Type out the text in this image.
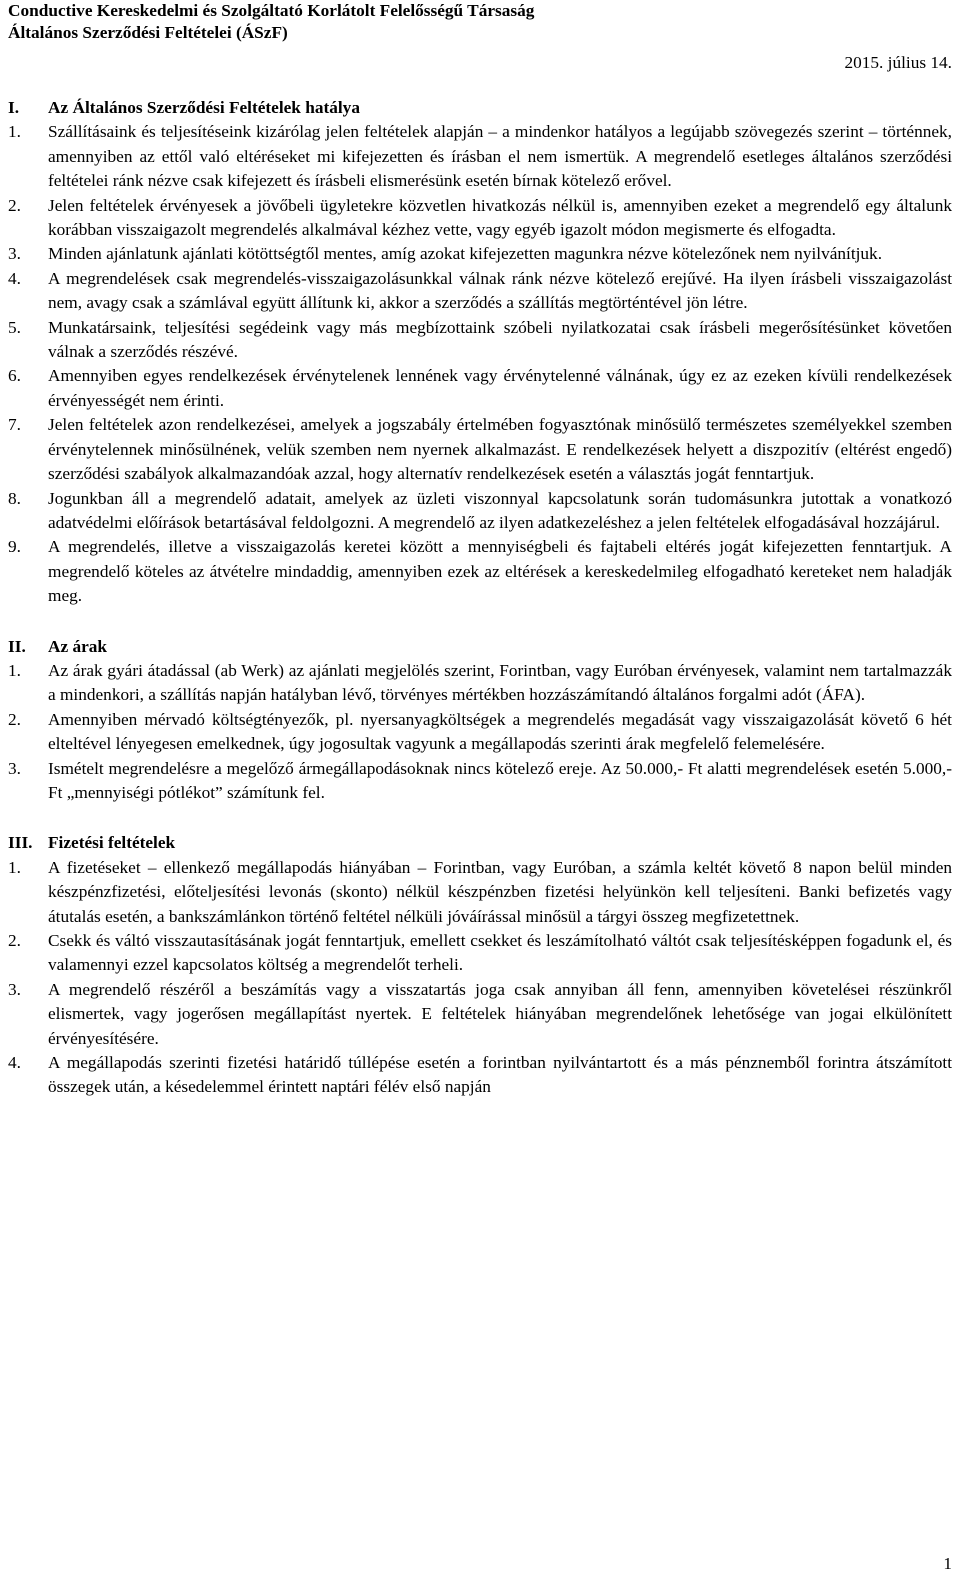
Conductive Kereskedelmi és Szolgáltató Korlátolt Felelősségű Társaság
Általános Szerződési Feltételei (ÁSzF)
2015. július 14.
I.	Az Általános Szerződési Feltételek hatálya
1.	Szállításaink és teljesítéseink kizárólag jelen feltételek alapján – a mindenkor hatályos a legújabb szövegezés szerint – történnek, amennyiben az ettől való eltéréseket mi kifejezetten és írásban el nem ismertük. A megrendelő esetleges általános szerződési feltételei ránk nézve csak kifejezett és írásbeli elismerésünk esetén bírnak kötelező erővel.
2.	Jelen feltételek érvényesek a jövőbeli ügyletekre közvetlen hivatkozás nélkül is, amennyiben ezeket a megrendelő egy általunk korábban visszaigazolt megrendelés alkalmával kézhez vette, vagy egyéb igazolt módon megismerte és elfogadta.
3.	Minden ajánlatunk ajánlati kötöttségtől mentes, amíg azokat kifejezetten magunkra nézve kötelezőnek nem nyilvánítjuk.
4.	A megrendelések csak megrendelés-visszaigazolásunkkal válnak ránk nézve kötelező erejűvé. Ha ilyen írásbeli visszaigazolást nem, avagy csak a számlával együtt állítunk ki, akkor a szerződés a szállítás megtörténtével jön létre.
5.	Munkatársaink, teljesítési segédeink vagy más megbízottaink szóbeli nyilatkozatai csak írásbeli megerősítésünket követően válnak a szerződés részévé.
6.	Amennyiben egyes rendelkezések érvénytelenek lennének vagy érvénytelenné válnának, úgy ez az ezeken kívüli rendelkezések érvényességét nem érinti.
7.	Jelen feltételek azon rendelkezései, amelyek a jogszabály értelmében fogyasztónak minősülő természetes személyekkel szemben érvénytelennek minősülnének, velük szemben nem nyernek alkalmazást. E rendelkezések helyett a diszpozitív (eltérést engedő) szerződési szabályok alkalmazandóak azzal, hogy alternatív rendelkezések esetén a választás jogát fenntartjuk.
8.	Jogunkban áll a megrendelő adatait, amelyek az üzleti viszonnyal kapcsolatunk során tudomásunkra jutottak a vonatkozó adatvédelmi előírások betartásával feldolgozni. A megrendelő az ilyen adatkezeléshez a jelen feltételek elfogadásával hozzájárul.
9.	A megrendelés, illetve a visszaigazolás keretei között a mennyiségbeli és fajtabeli eltérés jogát kifejezetten fenntartjuk. A megrendelő köteles az átvételre mindaddig, amennyiben ezek az eltérések a kereskedelmileg elfogadható kereteket nem haladják meg.
II.	Az árak
1.	Az árak gyári átadással (ab Werk) az ajánlati megjelölés szerint, Forintban, vagy Euróban érvényesek, valamint nem tartalmazzák a mindenkori, a szállítás napján hatályban lévő, törvényes mértékben hozzászámítandó általános forgalmi adót (ÁFA).
2.	Amennyiben mérvadó költségtényezők, pl. nyersanyagköltségek a megrendelés megadását vagy visszaigazolását követő 6 hét elteltével lényegesen emelkednek, úgy jogosultak vagyunk a megállapodás szerinti árak megfelelő felemelésére.
3.	Ismételt megrendelésre a megelőző ármegállapodásoknak nincs kötelező ereje. Az 50.000,- Ft alatti megrendelések esetén 5.000,- Ft „mennyiségi pótlékot” számítunk fel.
III. Fizetési feltételek
1.	A fizetéseket – ellenkező megállapodás hiányában – Forintban, vagy Euróban, a számla keltét követő 8 napon belül minden készpénzfizetési, előteljesítési levonás (skonto) nélkül készpénzben fizetési helyünkön kell teljesíteni. Banki befizetés vagy átutalás esetén, a bankszámlánkon történő feltétel nélküli jóváírással minősül a tárgyi összeg megfizetettnek.
2.	Csekk és váltó visszautasításának jogát fenntartjuk, emellett csekket és leszámítolható váltót csak teljesítésképpen fogadunk el, és valamennyi ezzel kapcsolatos költség a megrendelőt terheli.
3.	A megrendelő részéről a beszámítás vagy a visszatartás joga csak annyiban áll fenn, amennyiben követelései részünkről elismertek, vagy jogerősen megállapítást nyertek. E feltételek hiányában megrendelőnek lehetősége van jogai elkülönített érvényesítésére.
4.	A megállapodás szerinti fizetési határidő túllépése esetén a forintban nyilvántartott és a más pénznemből forintra átszámított összegek után, a késedelemmel érintett naptári félév első napján
1
